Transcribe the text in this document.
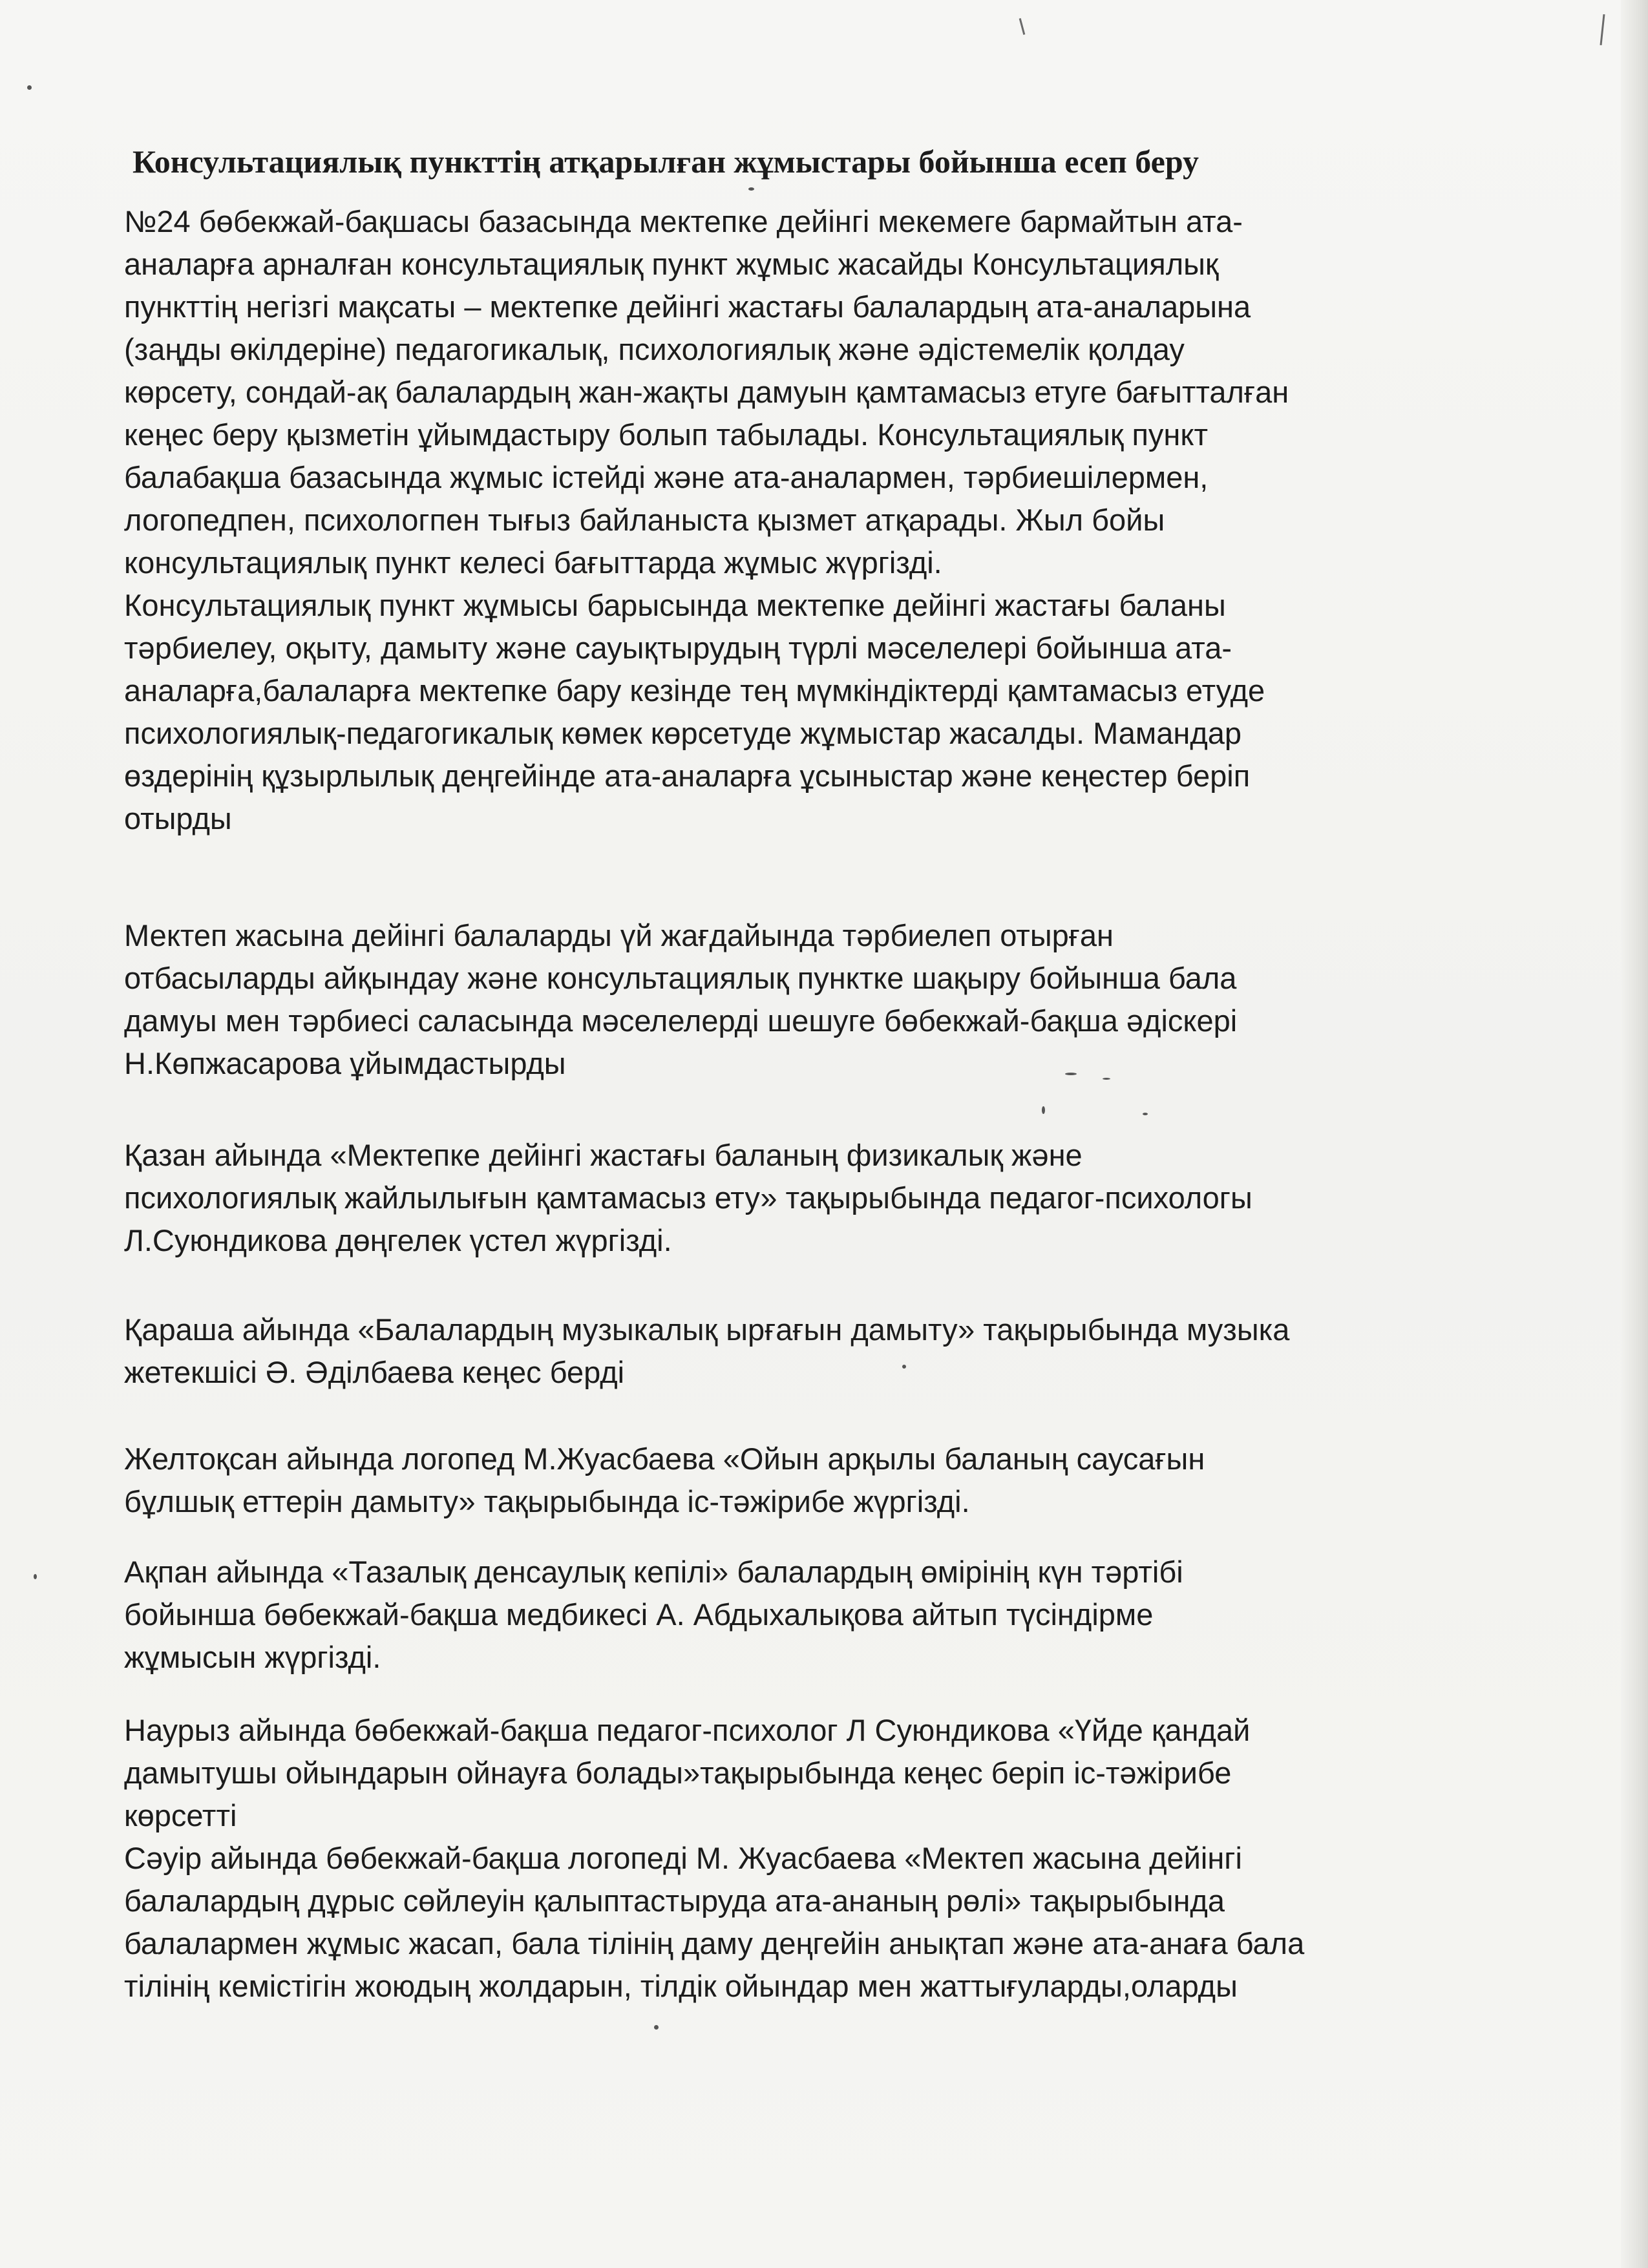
Консультациялық пункттің атқарылған жұмыстары бойынша есеп беру

№24 бөбекжай-бақшасы базасында мектепке дейінгі мекемеге бармайтын ата-
аналарға арналған консультациялық пункт жұмыс жасайды Консультациялық
пункттің негізгі мақсаты – мектепке дейінгі жастағы балалардың ата-аналарына
(заңды өкілдеріне) педагогикалық, психологиялық және әдістемелік қолдау
көрсету, сондай-ақ балалардың жан-жақты дамуын қамтамасыз етуге бағытталған
кеңес беру қызметін ұйымдастыру болып табылады. Консультациялық пункт
балабақша базасында жұмыс істейді және ата-аналармен, тәрбиешілермен,
логопедпен, психологпен тығыз байланыста қызмет атқарады. Жыл бойы
консультациялық пункт келесі бағыттарда жұмыс жүргізді.
Консультациялық пункт жұмысы барысында мектепке дейінгі жастағы баланы
тәрбиелеу, оқыту, дамыту және сауықтырудың түрлі мәселелері бойынша ата-
аналарға,балаларға мектепке бару кезінде тең мүмкіндіктерді қамтамасыз етуде
психологиялық-педагогикалық көмек көрсетуде жұмыстар жасалды. Мамандар
өздерінің құзырлылық деңгейінде ата-аналарға ұсыныстар және кеңестер беріп
отырды

Мектеп жасына дейінгі балаларды үй жағдайында тәрбиелеп отырған
отбасыларды айқындау және консультациялық пунктке шақыру бойынша бала
дамуы мен тәрбиесі саласында мәселелерді шешуге бөбекжай-бақша әдіскері
Н.Көпжасарова ұйымдастырды

Қазан айында «Мектепке дейінгі жастағы баланың физикалық және
психологиялық жайлылығын қамтамасыз ету» тақырыбында педагог-психологы
Л.Суюндикова дөңгелек үстел жүргізді.

Қараша айында «Балалардың музыкалық ырғағын дамыту» тақырыбында музыка
жетекшісі Ә. Әділбаева кеңес берді

Желтоқсан айында логопед М.Жуасбаева «Ойын арқылы баланың саусағын
бұлшық еттерін дамыту» тақырыбында іс-тәжірибе жүргізді.

Ақпан айында «Тазалық денсаулық кепілі» балалардың өмірінің күн тәртібі
бойынша бөбекжай-бақша медбикесі А. Абдыхалықова айтып түсіндірме
жұмысын жүргізді.

Наурыз айында бөбекжай-бақша педагог-психолог Л Суюндикова «Үйде қандай
дамытушы ойындарын ойнауға болады»тақырыбында кеңес беріп іс-тәжірибе
көрсетті
Сәуір айында бөбекжай-бақша логопеді М. Жуасбаева «Мектеп жасына дейінгі
балалардың дұрыс сөйлеуін қалыптастыруда ата-ананың рөлі» тақырыбында
балалармен жұмыс жасап, бала тілінің даму деңгейін анықтап және ата-анаға бала
тілінің кемістігін жоюдың жолдарын, тілдік ойындар мен жаттығуларды,оларды
